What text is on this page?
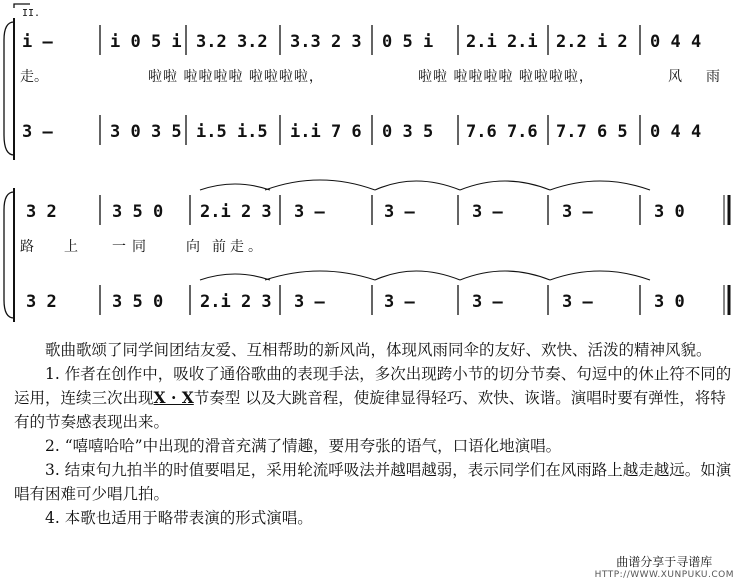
II.
i –	i 0 5 i 3.2 3.2 3.3 2 3 0 5 i 2.i 2.i 2.2 i 2 0 4 4
3 –	3 0 3 5 i.5 i.5 i.i 7 6 0 3 5 7.6 7.6 7.7 6 5 0 4 4
3 2	3 5 0 2.i 2 3 3 –	3 –	3 –	3 –	3 0
3 2	3 5 0 2.i 2 3 3 –	3 –	3 –	3 –	3 0
走。	啦啦 啦啦啦啦 啦啦啦啦，	啦啦 啦啦啦啦 啦啦啦啦，	风 雨
路 上 一同 向 前走。

歌曲歌颂了同学间团结友爱、互相帮助的新风尚，体现风雨同伞的友好、欢快、活泼的精神风貌。

1. 作者在创作中，吸收了通俗歌曲的表现手法，多次出现跨小节的切分节奏、句逗中的休止符不同的运用，连续三次出现X · X节奏型 以及大跳音程，使旋律显得轻巧、欢快、诙谐。演唱时要有弹性，将特有的节奏感表现出来。

2. “嘻嘻哈哈”中出现的滑音充满了情趣，要用夸张的语气，口语化地演唱。

3. 结束句九拍半的时值要唱足，采用轮流呼吸法并越唱越弱，表示同学们在风雨路上越走越远。如演唱有困难可少唱几拍。

4. 本歌也适用于略带表演的形式演唱。

曲谱分享于寻谱库
HTTP://WWW.XUNPUKU.COM
